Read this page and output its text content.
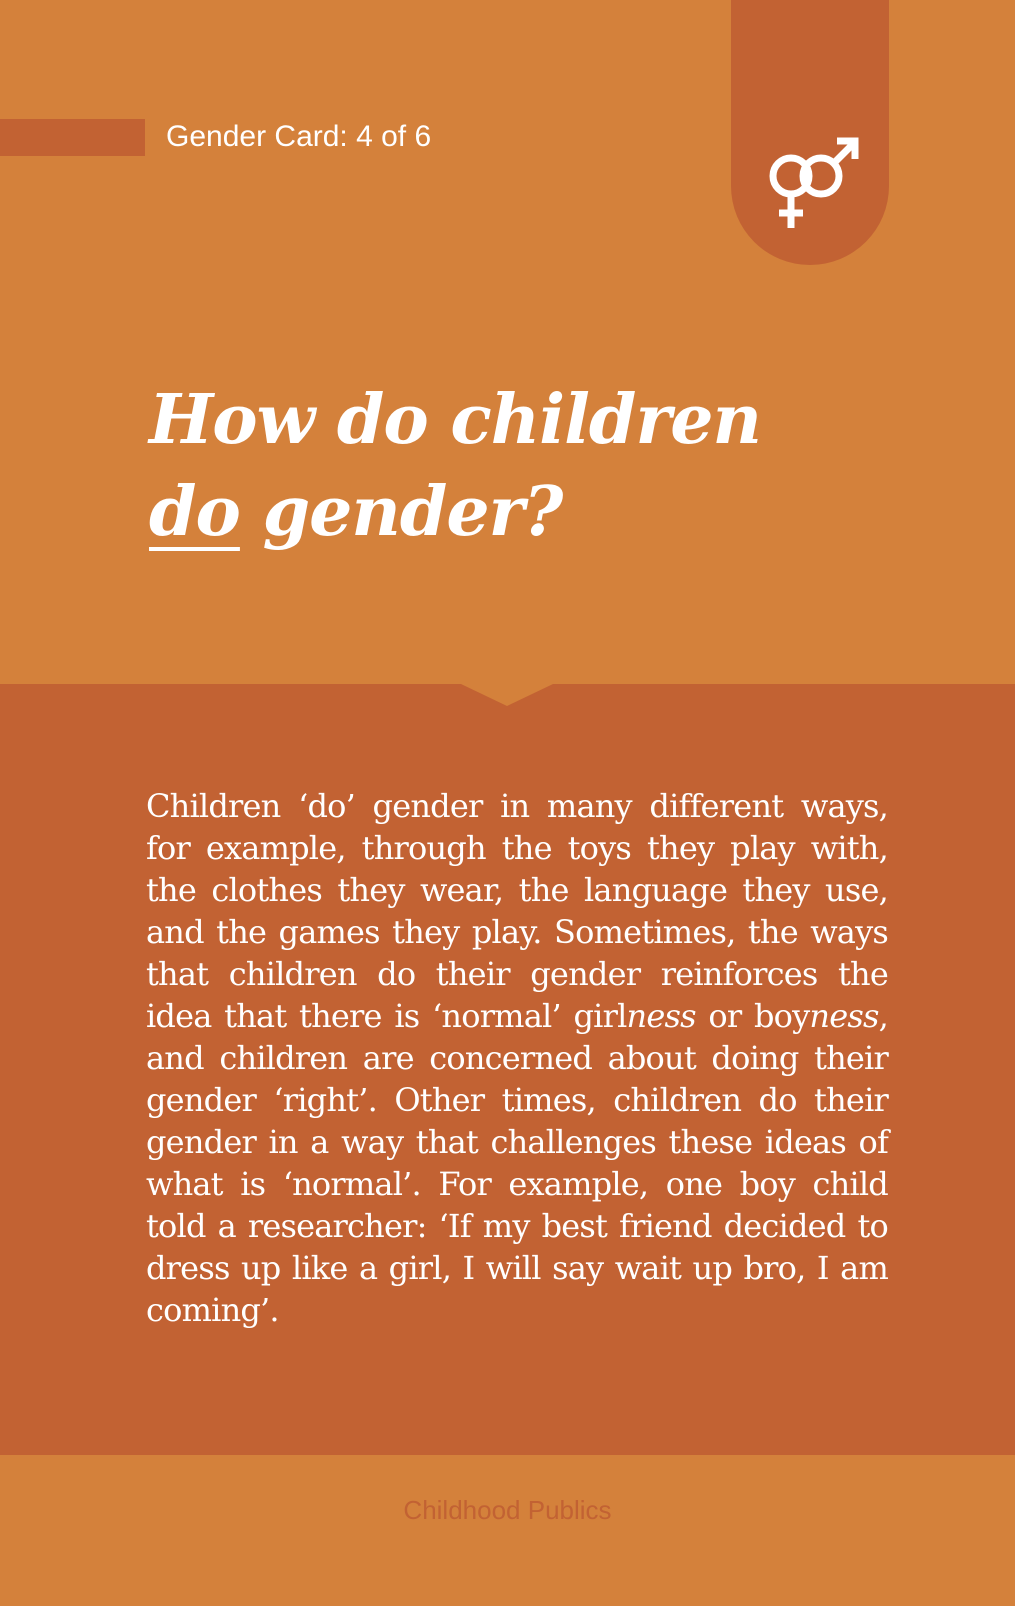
Gender Card: 4 of 6
How do children
do gender?

Children ‘do’ gender in many different ways, for example, through the toys they play with, the clothes they wear, the language they use, and the games they play. Sometimes, the ways that children do their gender reinforces the idea that there is ‘normal’ girlness or boyness, and children are concerned about doing their gender ‘right’. Other times, children do their gender in a way that challenges these ideas of what is ‘normal’. For example, one boy child told a researcher: ‘If my best friend decided to dress up like a girl, I will say wait up bro, I am coming’.

Childhood Publics
